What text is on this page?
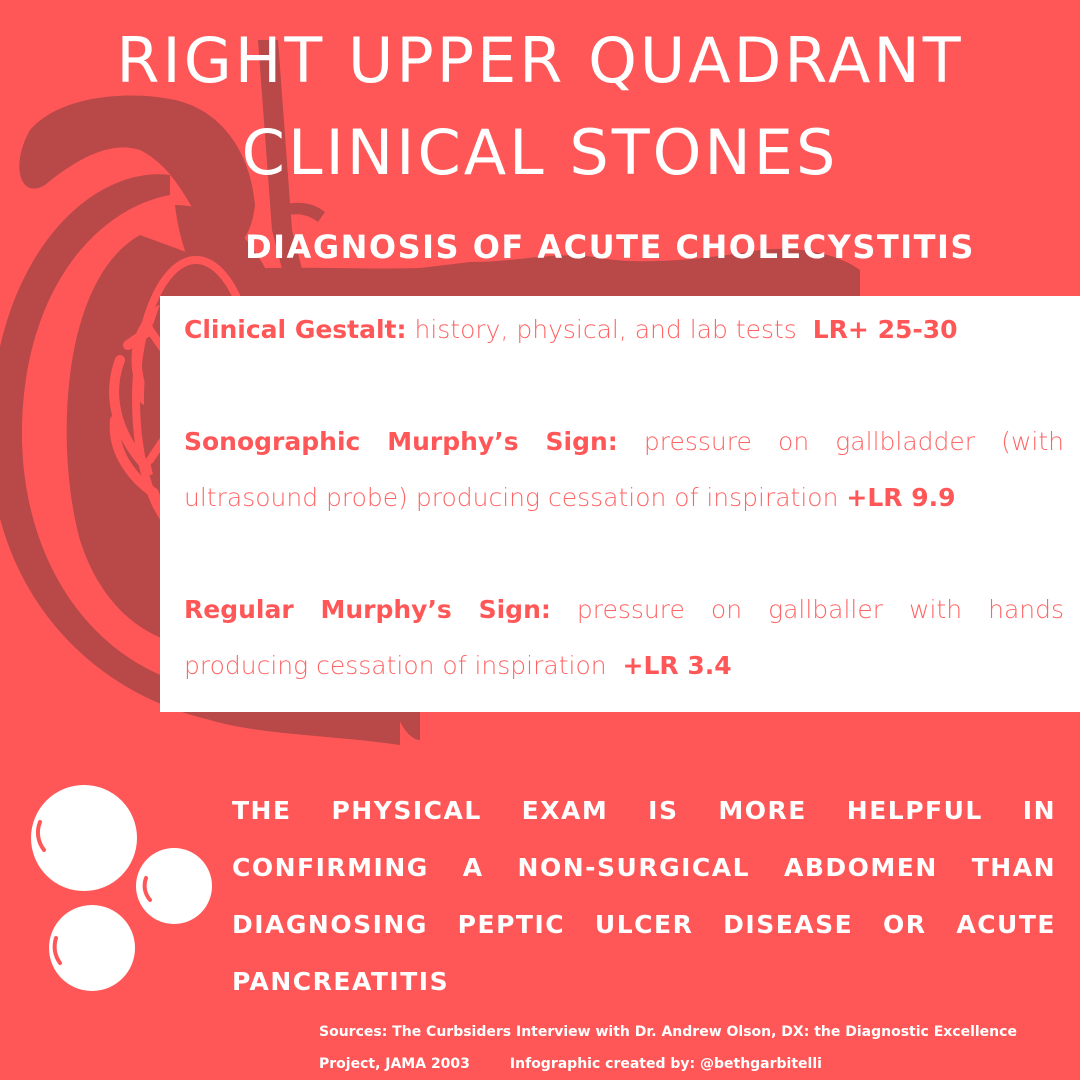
RIGHT UPPER QUADRANT
CLINICAL STONES
DIAGNOSIS OF ACUTE CHOLECYSTITIS
Clinical Gestalt: history, physical, and lab tests LR+ 25-30
Sonographic Murphy’s Sign: pressure on gallbladder (with ultrasound probe) producing cessation of inspiration +LR 9.9
Regular Murphy’s Sign: pressure on gallballer with hands producing cessation of inspiration +LR 3.4
THE PHYSICAL EXAM IS MORE HELPFUL IN CONFIRMING A NON-SURGICAL ABDOMEN THAN DIAGNOSING PEPTIC ULCER DISEASE OR ACUTE PANCREATITIS
Sources: The Curbsiders Interview with Dr. Andrew Olson, DX: the Diagnostic Excellence Project, JAMA 2003	Infographic created by: @bethgarbitelli
